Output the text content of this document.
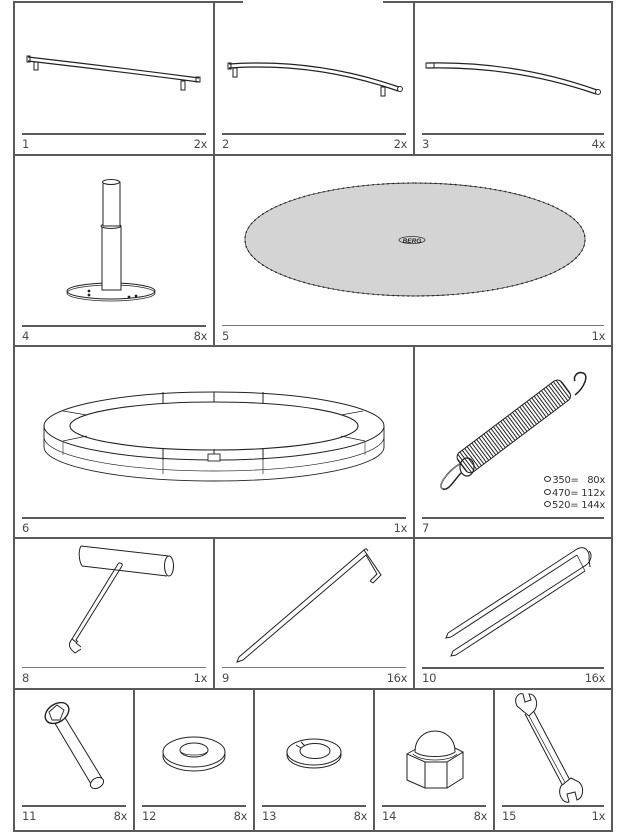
1	2x 2	2x 3	4x
4	8x
BERG
5	1x
6	1x
350=   80x
470= 112x
520= 144x
7
8	1x 9	16x 10	16x
11	8x 12	8x 13	8x 14	8x 15	1x
